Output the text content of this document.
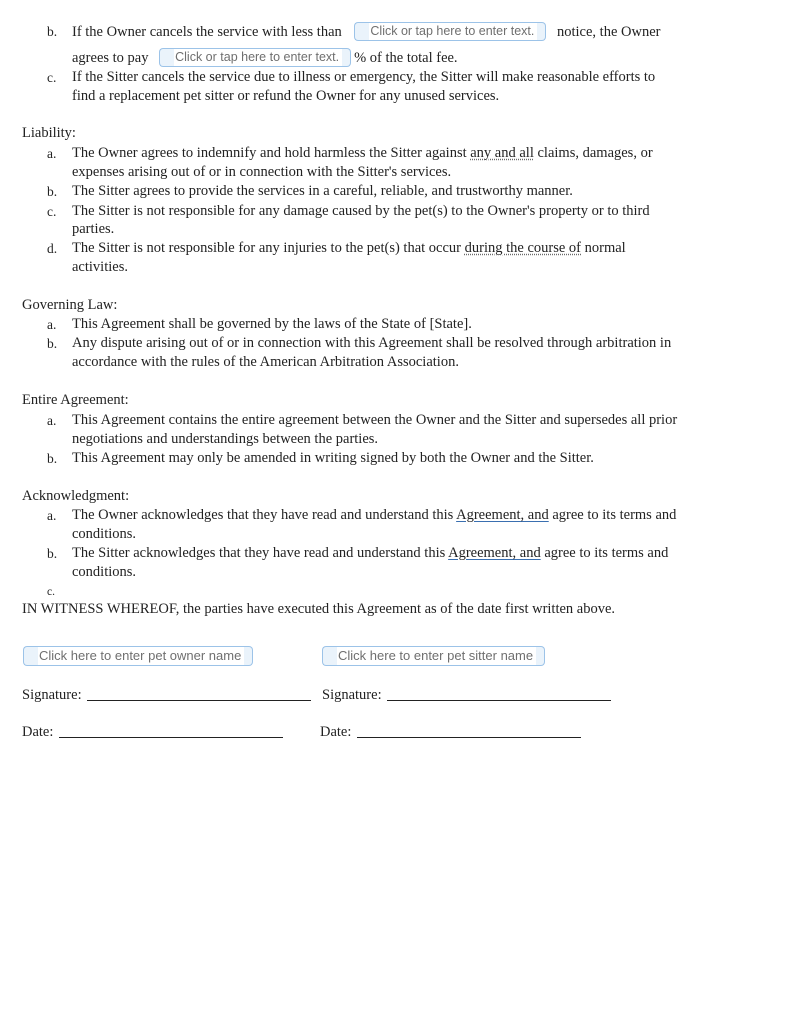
b. If the Owner cancels the service with less than Click or tap here to enter text. notice, the Owner
agrees to pay Click or tap here to enter text. % of the total fee.
c. If the Sitter cancels the service due to illness or emergency, the Sitter will make reasonable efforts to
find a replacement pet sitter or refund the Owner for any unused services.
Liability:
a. The Owner agrees to indemnify and hold harmless the Sitter against any and all claims, damages, or
expenses arising out of or in connection with the Sitter's services.
b. The Sitter agrees to provide the services in a careful, reliable, and trustworthy manner.
c. The Sitter is not responsible for any damage caused by the pet(s) to the Owner's property or to third
parties.
d. The Sitter is not responsible for any injuries to the pet(s) that occur during the course of normal
activities.
Governing Law:
a. This Agreement shall be governed by the laws of the State of [State].
b. Any dispute arising out of or in connection with this Agreement shall be resolved through arbitration in
accordance with the rules of the American Arbitration Association.
Entire Agreement:
a. This Agreement contains the entire agreement between the Owner and the Sitter and supersedes all prior
negotiations and understandings between the parties.
b. This Agreement may only be amended in writing signed by both the Owner and the Sitter.
Acknowledgment:
a. The Owner acknowledges that they have read and understand this Agreement, and agree to its terms and
conditions.
b. The Sitter acknowledges that they have read and understand this Agreement, and agree to its terms and
conditions.
c.
IN WITNESS WHEREOF, the parties have executed this Agreement as of the date first written above.
Click here to enter pet owner name	Click here to enter pet sitter name
Signature:	Signature:
Date:	Date:
